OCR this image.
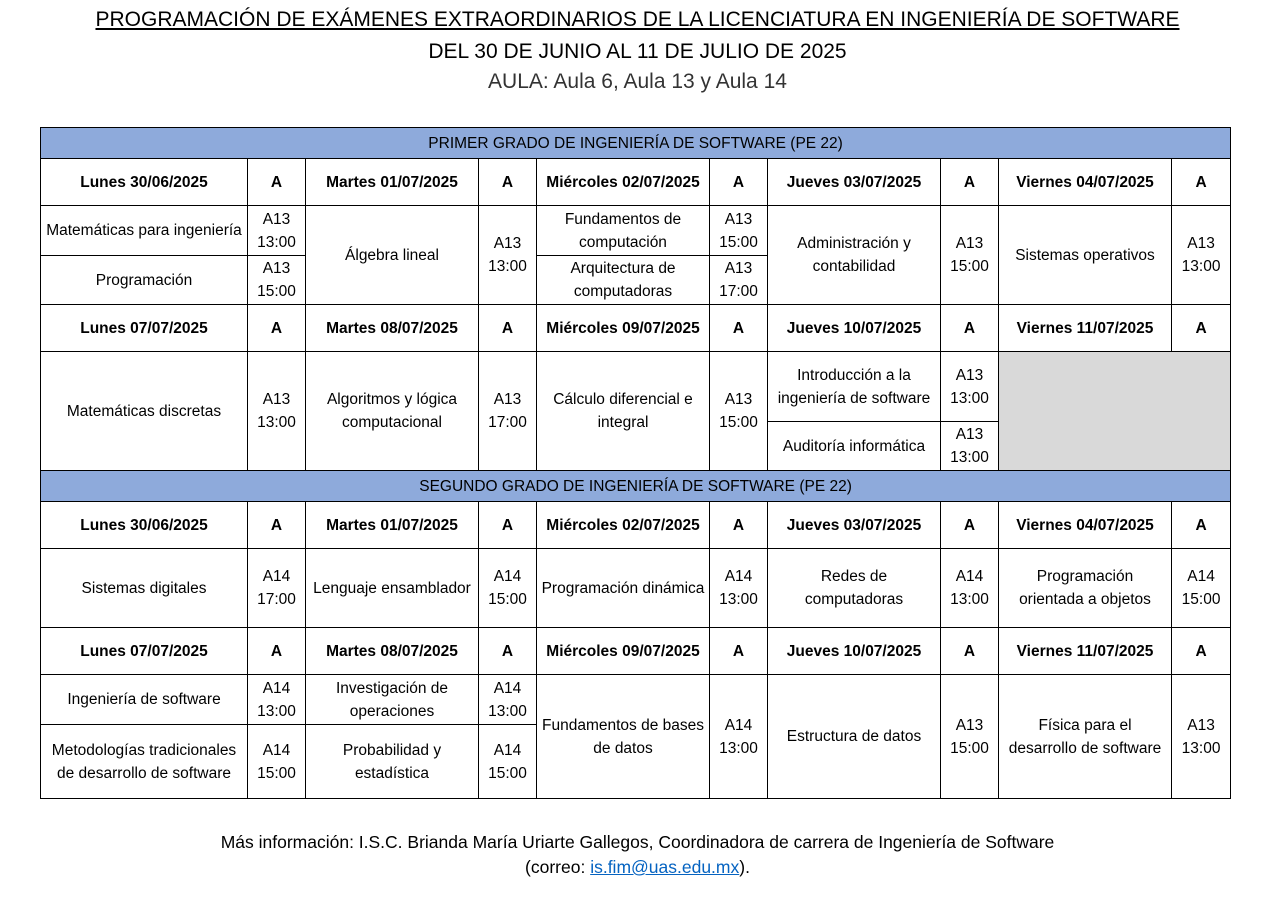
PROGRAMACIÓN DE EXÁMENES EXTRAORDINARIOS DE LA LICENCIATURA EN INGENIERÍA DE SOFTWARE
DEL 30 DE JUNIO AL 11 DE JULIO DE 2025
AULA: Aula 6, Aula 13 y Aula 14
PRIMER GRADO DE INGENIERÍA DE SOFTWARE (PE 22)									
Lunes 30/06/2025	A	Martes 01/07/2025	A	Miércoles 02/07/2025	A	Jueves 03/07/2025	A	Viernes 04/07/2025	A
Matemáticas para ingeniería	A13 13:00	Álgebra lineal	A13 13:00	Fundamentos de computación	A13 15:00	Administración y contabilidad	A13 15:00	Sistemas operativos	A13 13:00
Programación	A13 15:00			Arquitectura de computadoras	A13 17:00				
Lunes 07/07/2025	A	Martes 08/07/2025	A	Miércoles 09/07/2025	A	Jueves 10/07/2025	A	Viernes 11/07/2025	A
Matemáticas discretas	A13 13:00	Algoritmos y lógica computacional	A13 17:00	Cálculo diferencial e integral	A13 15:00	Introducción a la ingeniería de software	A13 13:00		
						Auditoría informática	A13 13:00		
SEGUNDO GRADO DE INGENIERÍA DE SOFTWARE (PE 22)									
Lunes 30/06/2025	A	Martes 01/07/2025	A	Miércoles 02/07/2025	A	Jueves 03/07/2025	A	Viernes 04/07/2025	A
Sistemas digitales	A14 17:00	Lenguaje ensamblador	A14 15:00	Programación dinámica	A14 13:00	Redes de computadoras	A14 13:00	Programación orientada a objetos	A14 15:00
Lunes 07/07/2025	A	Martes 08/07/2025	A	Miércoles 09/07/2025	A	Jueves 10/07/2025	A	Viernes 11/07/2025	A
Ingeniería de software	A14 13:00	Investigación de operaciones	A14 13:00	Fundamentos de bases de datos	A14 13:00	Estructura de datos	A13 15:00	Física para el desarrollo de software	A13 13:00
Metodologías tradicionales de desarrollo de software	A14 15:00	Probabilidad y estadística	A14 15:00						
Más información: I.S.C. Brianda María Uriarte Gallegos, Coordinadora de carrera de Ingeniería de Software
(correo: is.fim@uas.edu.mx).
